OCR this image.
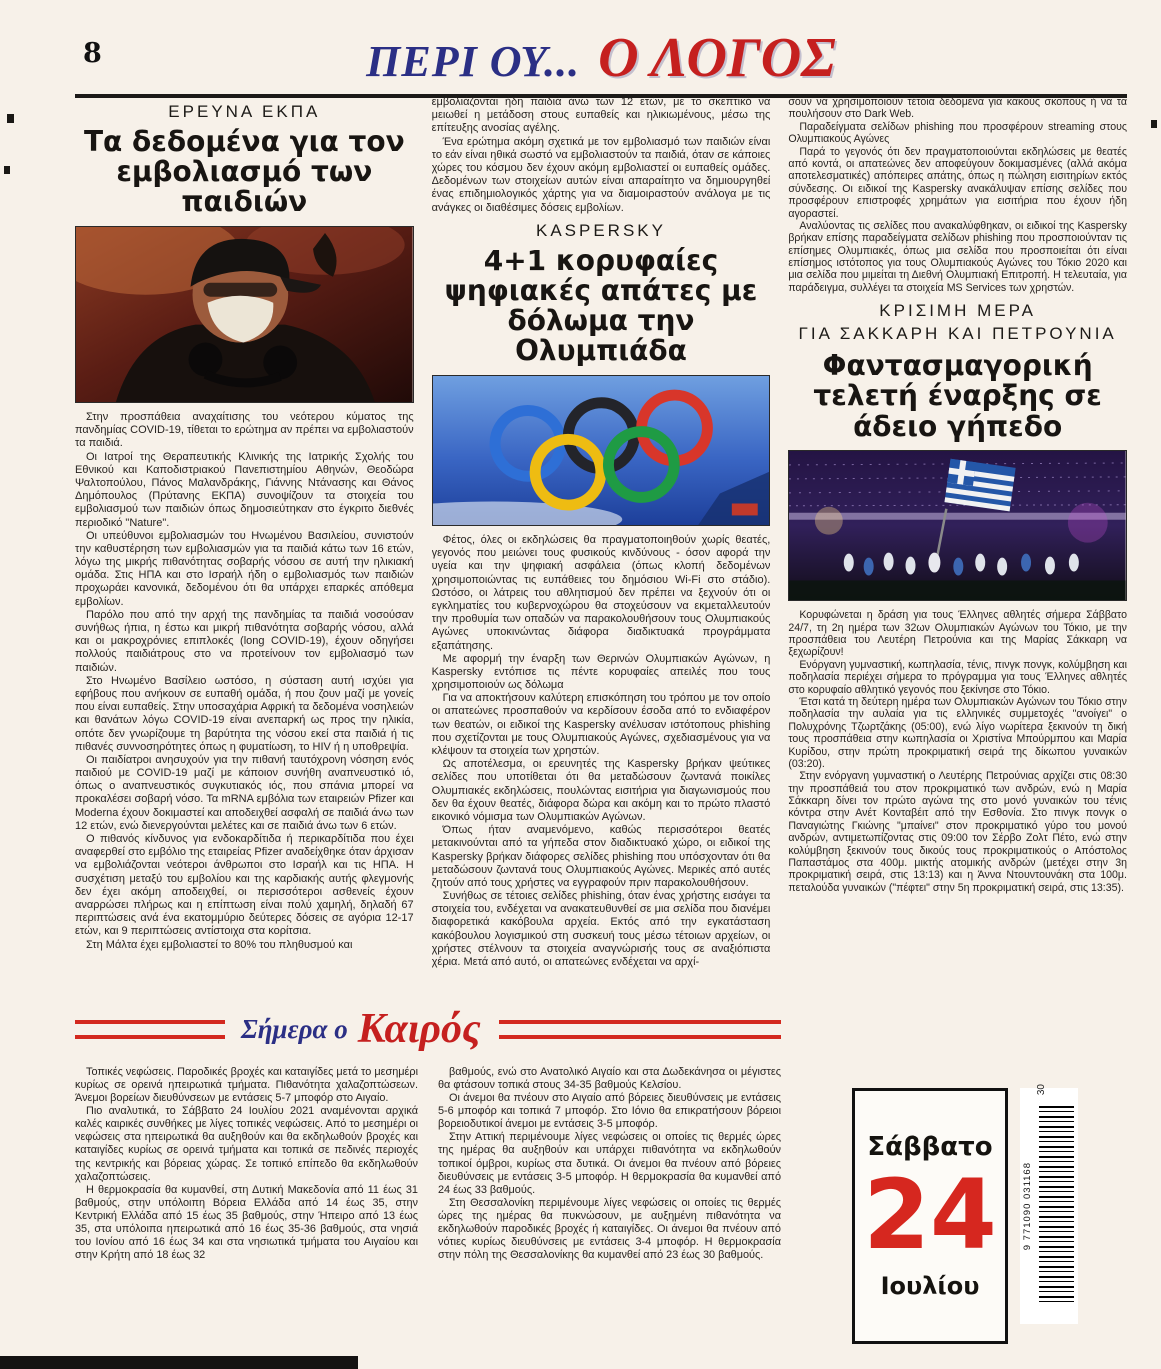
8	ΠΕΡΙ ΟΥ... Ο ΛΟΓΟΣ
ΕΡΕΥΝΑ ΕΚΠΑ
Τα δεδομένα για τον εμβολιασμό των παιδιών

Στην προσπάθεια αναχαίτισης του νεότερου κύματος της πανδημίας COVID-19, τίθεται το ερώτημα αν πρέπει να εμβολιαστούν τα παιδιά.

Οι Ιατροί της Θεραπευτικής Κλινικής της Ιατρικής Σχολής του Εθνικού και Καποδιστριακού Πανεπιστημίου Αθηνών, Θεοδώρα Ψαλτοπούλου, Πάνος Μαλανδράκης, Γιάννης Ντάνασης και Θάνος Δημόπουλος (Πρύτανης ΕΚΠΑ) συνοψίζουν τα στοιχεία του εμβολιασμού των παιδιών όπως δημοσιεύτηκαν στο έγκριτο διεθνές περιοδικό "Nature".

Οι υπεύθυνοι εμβολιασμών του Ηνωμένου Βασιλείου, συνιστούν την καθυστέρηση των εμβολιασμών για τα παιδιά κάτω των 16 ετών, λόγω της μικρής πιθανότητας σοβαρής νόσου σε αυτή την ηλικιακή ομάδα. Στις ΗΠΑ και στο Ισραήλ ήδη ο εμβολιασμός των παιδιών προχωράει κανονικά, δεδομένου ότι θα υπάρχει επαρκές απόθεμα εμβολίων.

Παρόλο που από την αρχή της πανδημίας τα παιδιά νοσούσαν συνήθως ήπια, η έστω και μικρή πιθανότητα σοβαρής νόσου, αλλά και οι μακροχρόνιες επιπλοκές (long COVID-19), έχουν οδηγήσει πολλούς παιδιάτρους στο να προτείνουν τον εμβολιασμό των παιδιών.

Στο Ηνωμένο Βασίλειο ωστόσο, η σύσταση αυτή ισχύει για εφήβους που ανήκουν σε ευπαθή ομάδα, ή που ζουν μαζί με γονείς που είναι ευπαθείς. Στην υποσαχάρια Αφρική τα δεδομένα νοσηλειών και θανάτων λόγω COVID-19 είναι ανεπαρκή ως προς την ηλικία, οπότε δεν γνωρίζουμε τη βαρύτητα της νόσου εκεί στα παιδιά ή τις πιθανές συννοσηρότητες όπως η φυματίωση, το HIV ή η υποθρεψία.

Οι παιδίατροι ανησυχούν για την πιθανή ταυτόχρονη νόσηση ενός παιδιού με COVID-19 μαζί με κάποιον συνήθη αναπνευστικό ιό, όπως ο αναπνευστικός συγκυτιακός ιός, που σπάνια μπορεί να προκαλέσει σοβαρή νόσο. Τα mRNA εμβόλια των εταιρειών Pfizer και Moderna έχουν δοκιμαστεί και αποδειχθεί ασφαλή σε παιδιά άνω των 12 ετών, ενώ διενεργούνται μελέτες και σε παιδιά άνω των 6 ετών.

Ο πιθανός κίνδυνος για ενδοκαρδίτιδα ή περικαρδίτιδα που έχει αναφερθεί στο εμβόλιο της εταιρείας Pfizer αναδείχθηκε όταν άρχισαν να εμβολιάζονται νεότεροι άνθρωποι στο Ισραήλ και τις ΗΠΑ. Η συσχέτιση μεταξύ του εμβολίου και της καρδιακής αυτής φλεγμονής δεν έχει ακόμη αποδειχθεί, οι περισσότεροι ασθενείς έχουν αναρρώσει πλήρως και η επίπτωση είναι πολύ χαμηλή, δηλαδή 67 περιπτώσεις ανά ένα εκατομμύριο δεύτερες δόσεις σε αγόρια 12-17 ετών, και 9 περιπτώσεις αντίστοιχα στα κορίτσια.

Στη Μάλτα έχει εμβολιαστεί το 80% του πληθυσμού και

εμβολιάζονται ήδη παιδιά άνω των 12 ετών, με το σκεπτικό να μειωθεί η μετάδοση στους ευπαθείς και ηλικιωμένους, μέσω της επίτευξης ανοσίας αγέλης.

Ένα ερώτημα ακόμη σχετικά με τον εμβολιασμό των παιδιών είναι το εάν είναι ηθικά σωστό να εμβολιαστούν τα παιδιά, όταν σε κάποιες χώρες του κόσμου δεν έχουν ακόμη εμβολιαστεί οι ευπαθείς ομάδες. Δεδομένων των στοιχείων αυτών είναι απαραίτητο να δημιουργηθεί ένας επιδημιολογικός χάρτης για να διαμοιραστούν ανάλογα με τις ανάγκες οι διαθέσιμες δόσεις εμβολίων.

KASPERSKY
4+1 κορυφαίες ψηφιακές απάτες με δόλωμα την Ολυμπιάδα

Φέτος, όλες οι εκδηλώσεις θα πραγματοποιηθούν χωρίς θεατές, γεγονός που μειώνει τους φυσικούς κινδύνους - όσον αφορά την υγεία και την ψηφιακή ασφάλεια (όπως κλοπή δεδομένων χρησιμοποιώντας τις ευπάθειες του δημόσιου Wi-Fi στο στάδιο). Ωστόσο, οι λάτρεις του αθλητισμού δεν πρέπει να ξεχνούν ότι οι εγκληματίες του κυβερνοχώρου θα στοχεύσουν να εκμεταλλευτούν την προθυμία των οπαδών να παρακολουθήσουν τους Ολυμπιακούς Αγώνες υποκινώντας διάφορα διαδικτυακά προγράμματα εξαπάτησης.

Με αφορμή την έναρξη των Θερινών Ολυμπιακών Αγώνων, η Kaspersky εντόπισε τις πέντε κορυφαίες απειλές που τους χρησιμοποιούν ως δόλωμα

Για να αποκτήσουν καλύτερη επισκόπηση του τρόπου με τον οποίο οι απατεώνες προσπαθούν να κερδίσουν έσοδα από το ενδιαφέρον των θεατών, οι ειδικοί της Kaspersky ανέλυσαν ιστότοπους phishing που σχετίζονται με τους Ολυμπιακούς Αγώνες, σχεδιασμένους για να κλέψουν τα στοιχεία των χρηστών.

Ως αποτέλεσμα, οι ερευνητές της Kaspersky βρήκαν ψεύτικες σελίδες που υποτίθεται ότι θα μεταδώσουν ζωντανά ποικίλες Ολυμπιακές εκδηλώσεις, πουλώντας εισιτήρια για διαγωνισμούς που δεν θα έχουν θεατές, διάφορα δώρα και ακόμη και το πρώτο πλαστό εικονικό νόμισμα των Ολυμπιακών Αγώνων.

Όπως ήταν αναμενόμενο, καθώς περισσότεροι θεατές μετακινούνται από τα γήπεδα στον διαδικτυακό χώρο, οι ειδικοί της Kaspersky βρήκαν διάφορες σελίδες phishing που υπόσχονταν ότι θα μεταδώσουν ζωντανά τους Ολυμπιακούς Αγώνες. Μερικές από αυτές ζητούν από τους χρήστες να εγγραφούν πριν παρακολουθήσουν.

Συνήθως σε τέτοιες σελίδες phishing, όταν ένας χρήστης εισάγει τα στοιχεία του, ενδέχεται να ανακατευθυνθεί σε μια σελίδα που διανέμει διαφορετικά κακόβουλα αρχεία. Εκτός από την εγκατάσταση κακόβουλου λογισμικού στη συσκευή τους μέσω τέτοιων αρχείων, οι χρήστες στέλνουν τα στοιχεία αναγνώρισής τους σε αναξιόπιστα χέρια. Μετά από αυτό, οι απατεώνες ενδέχεται να αρχί-

σουν να χρησιμοποιούν τέτοια δεδομένα για κακούς σκοπούς ή να τα πουλήσουν στο Dark Web.

Παραδείγματα σελίδων phishing που προσφέρουν streaming στους Ολυμπιακούς Αγώνες

Παρά το γεγονός ότι δεν πραγματοποιούνται εκδηλώσεις με θεατές από κοντά, οι απατεώνες δεν αποφεύγουν δοκιμασμένες (αλλά ακόμα αποτελεσματικές) απόπειρες απάτης, όπως η πώληση εισιτηρίων εκτός σύνδεσης. Οι ειδικοί της Kaspersky ανακάλυψαν επίσης σελίδες που προσφέρουν επιστροφές χρημάτων για εισιτήρια που έχουν ήδη αγοραστεί.

Αναλύοντας τις σελίδες που ανακαλύφθηκαν, οι ειδικοί της Kaspersky βρήκαν επίσης παραδείγματα σελίδων phishing που προσποιούνταν τις επίσημες Ολυμπιακές, όπως μια σελίδα που προσποιείται ότι είναι επίσημος ιστότοπος για τους Ολυμπιακούς Αγώνες του Τόκιο 2020 και μια σελίδα που μιμείται τη Διεθνή Ολυμπιακή Επιτροπή. Η τελευταία, για παράδειγμα, συλλέγει τα στοιχεία MS Services των χρηστών.

ΚΡΙΣΙΜΗ ΜΕΡΑ
ΓΙΑ ΣΑΚΚΑΡΗ ΚΑΙ ΠΕΤΡΟΥΝΙΑ
Φαντασμαγορική τελετή έναρξης σε άδειο γήπεδο

Κορυφώνεται η δράση για τους Έλληνες αθλητές σήμερα Σάββατο 24/7, τη 2η ημέρα των 32ων Ολυμπιακών Αγώνων του Τόκιο, με την προσπάθεια του Λευτέρη Πετρούνια και της Μαρίας Σάκκαρη να ξεχωρίζουν!

Ενόργανη γυμναστική, κωπηλασία, τένις, πινγκ πονγκ, κολύμβηση και ποδηλασία περιέχει σήμερα το πρόγραμμα για τους Έλληνες αθλητές στο κορυφαίο αθλητικό γεγονός που ξεκίνησε στο Τόκιο.

Έτσι κατά τη δεύτερη ημέρα των Ολυμπιακών Αγώνων του Τόκιο στην ποδηλασία την αυλαία για τις ελληνικές συμμετοχές "ανοίγει" ο Πολυχρόνης Τζωρτζάκης (05:00), ενώ λίγο νωρίτερα ξεκινούν τη δική τους προσπάθεια στην κωπηλασία οι Χριστίνα Μπούρμπου και Μαρία Κυρίδου, στην πρώτη προκριματική σειρά της δίκωπου γυναικών (03:20).

Στην ενόργανη γυμναστική ο Λευτέρης Πετρούνιας αρχίζει στις 08:30 την προσπάθειά του στον προκριματικό των ανδρών, ενώ η Μαρία Σάκκαρη δίνει τον πρώτο αγώνα της στο μονό γυναικών του τένις κόντρα στην Ανέτ Κονταβέιτ από την Εσθονία. Στο πινγκ πονγκ ο Παναγιώτης Γκιώνης "μπαίνει" στον προκριματικό γύρο του μονού ανδρών, αντιμετωπίζοντας στις 09:00 τον Σέρβο Ζολτ Πέτο, ενώ στην κολύμβηση ξεκινούν τους δικούς τους προκριματικούς ο Απόστολος Παπαστάμος στα 400μ. μικτής ατομικής ανδρών (μετέχει στην 3η προκριματική σειρά, στις 13:13) και η Άννα Ντουντουνάκη στα 100μ. πεταλούδα γυναικών ("πέφτει" στην 5η προκριματική σειρά, στις 13:35).

Σήμερα ο Καιρός

Τοπικές νεφώσεις. Παροδικές βροχές και καταιγίδες μετά το μεσημέρι κυρίως σε ορεινά ηπειρωτικά τμήματα. Πιθανότητα χαλαζοπτώσεων. Άνεμοι βορείων διευθύνσεων με εντάσεις 5-7 μποφόρ στο Αιγαίο.

Πιο αναλυτικά, το Σάββατο 24 Ιουλίου 2021 αναμένονται αρχικά καλές καιρικές συνθήκες με λίγες τοπικές νεφώσεις. Από το μεσημέρι οι νεφώσεις στα ηπειρωτικά θα αυξηθούν και θα εκδηλωθούν βροχές και καταιγίδες κυρίως σε ορεινά τμήματα και τοπικά σε πεδινές περιοχές της κεντρικής και βόρειας χώρας. Σε τοπικό επίπεδο θα εκδηλωθούν χαλαζοπτώσεις.

Η θερμοκρασία θα κυμανθεί, στη Δυτική Μακεδονία από 11 έως 31 βαθμούς, στην υπόλοιπη Βόρεια Ελλάδα από 14 έως 35, στην Κεντρική Ελλάδα από 15 έως 35 βαθμούς, στην Ήπειρο από 13 έως 35, στα υπόλοιπα ηπειρωτικά από 16 έως 35-36 βαθμούς, στα νησιά του Ιονίου από 16 έως 34 και στα νησιωτικά τμήματα του Αιγαίου και στην Κρήτη από 18 έως 32

βαθμούς, ενώ στο Ανατολικό Αιγαίο και στα Δωδεκάνησα οι μέγιστες θα φτάσουν τοπικά στους 34-35 βαθμούς Κελσίου.

Οι άνεμοι θα πνέουν στο Αιγαίο από βόρειες διευθύνσεις με εντάσεις 5-6 μποφόρ και τοπικά 7 μποφόρ. Στο Ιόνιο θα επικρατήσουν βόρειοι βορειοδυτικοί άνεμοι με εντάσεις 3-5 μποφόρ.

Στην Αττική περιμένουμε λίγες νεφώσεις οι οποίες τις θερμές ώρες της ημέρας θα αυξηθούν και υπάρχει πιθανότητα να εκδηλωθούν τοπικοί όμβροι, κυρίως στα δυτικά. Οι άνεμοι θα πνέουν από βόρειες διευθύνσεις με εντάσεις 3-5 μποφόρ. Η θερμοκρασία θα κυμανθεί από 24 έως 33 βαθμούς.

Στη Θεσσαλονίκη περιμένουμε λίγες νεφώσεις οι οποίες τις θερμές ώρες της ημέρας θα πυκνώσουν, με αυξημένη πιθανότητα να εκδηλωθούν παροδικές βροχές ή καταιγίδες. Οι άνεμοι θα πνέουν από νότιες κυρίως διευθύνσεις με εντάσεις 3-4 μποφόρ. Η θερμοκρασία στην πόλη της Θεσσαλονίκης θα κυμανθεί από 23 έως 30 βαθμούς.

Σάββατο
24
Ιουλίου
30
9 771090 031168
